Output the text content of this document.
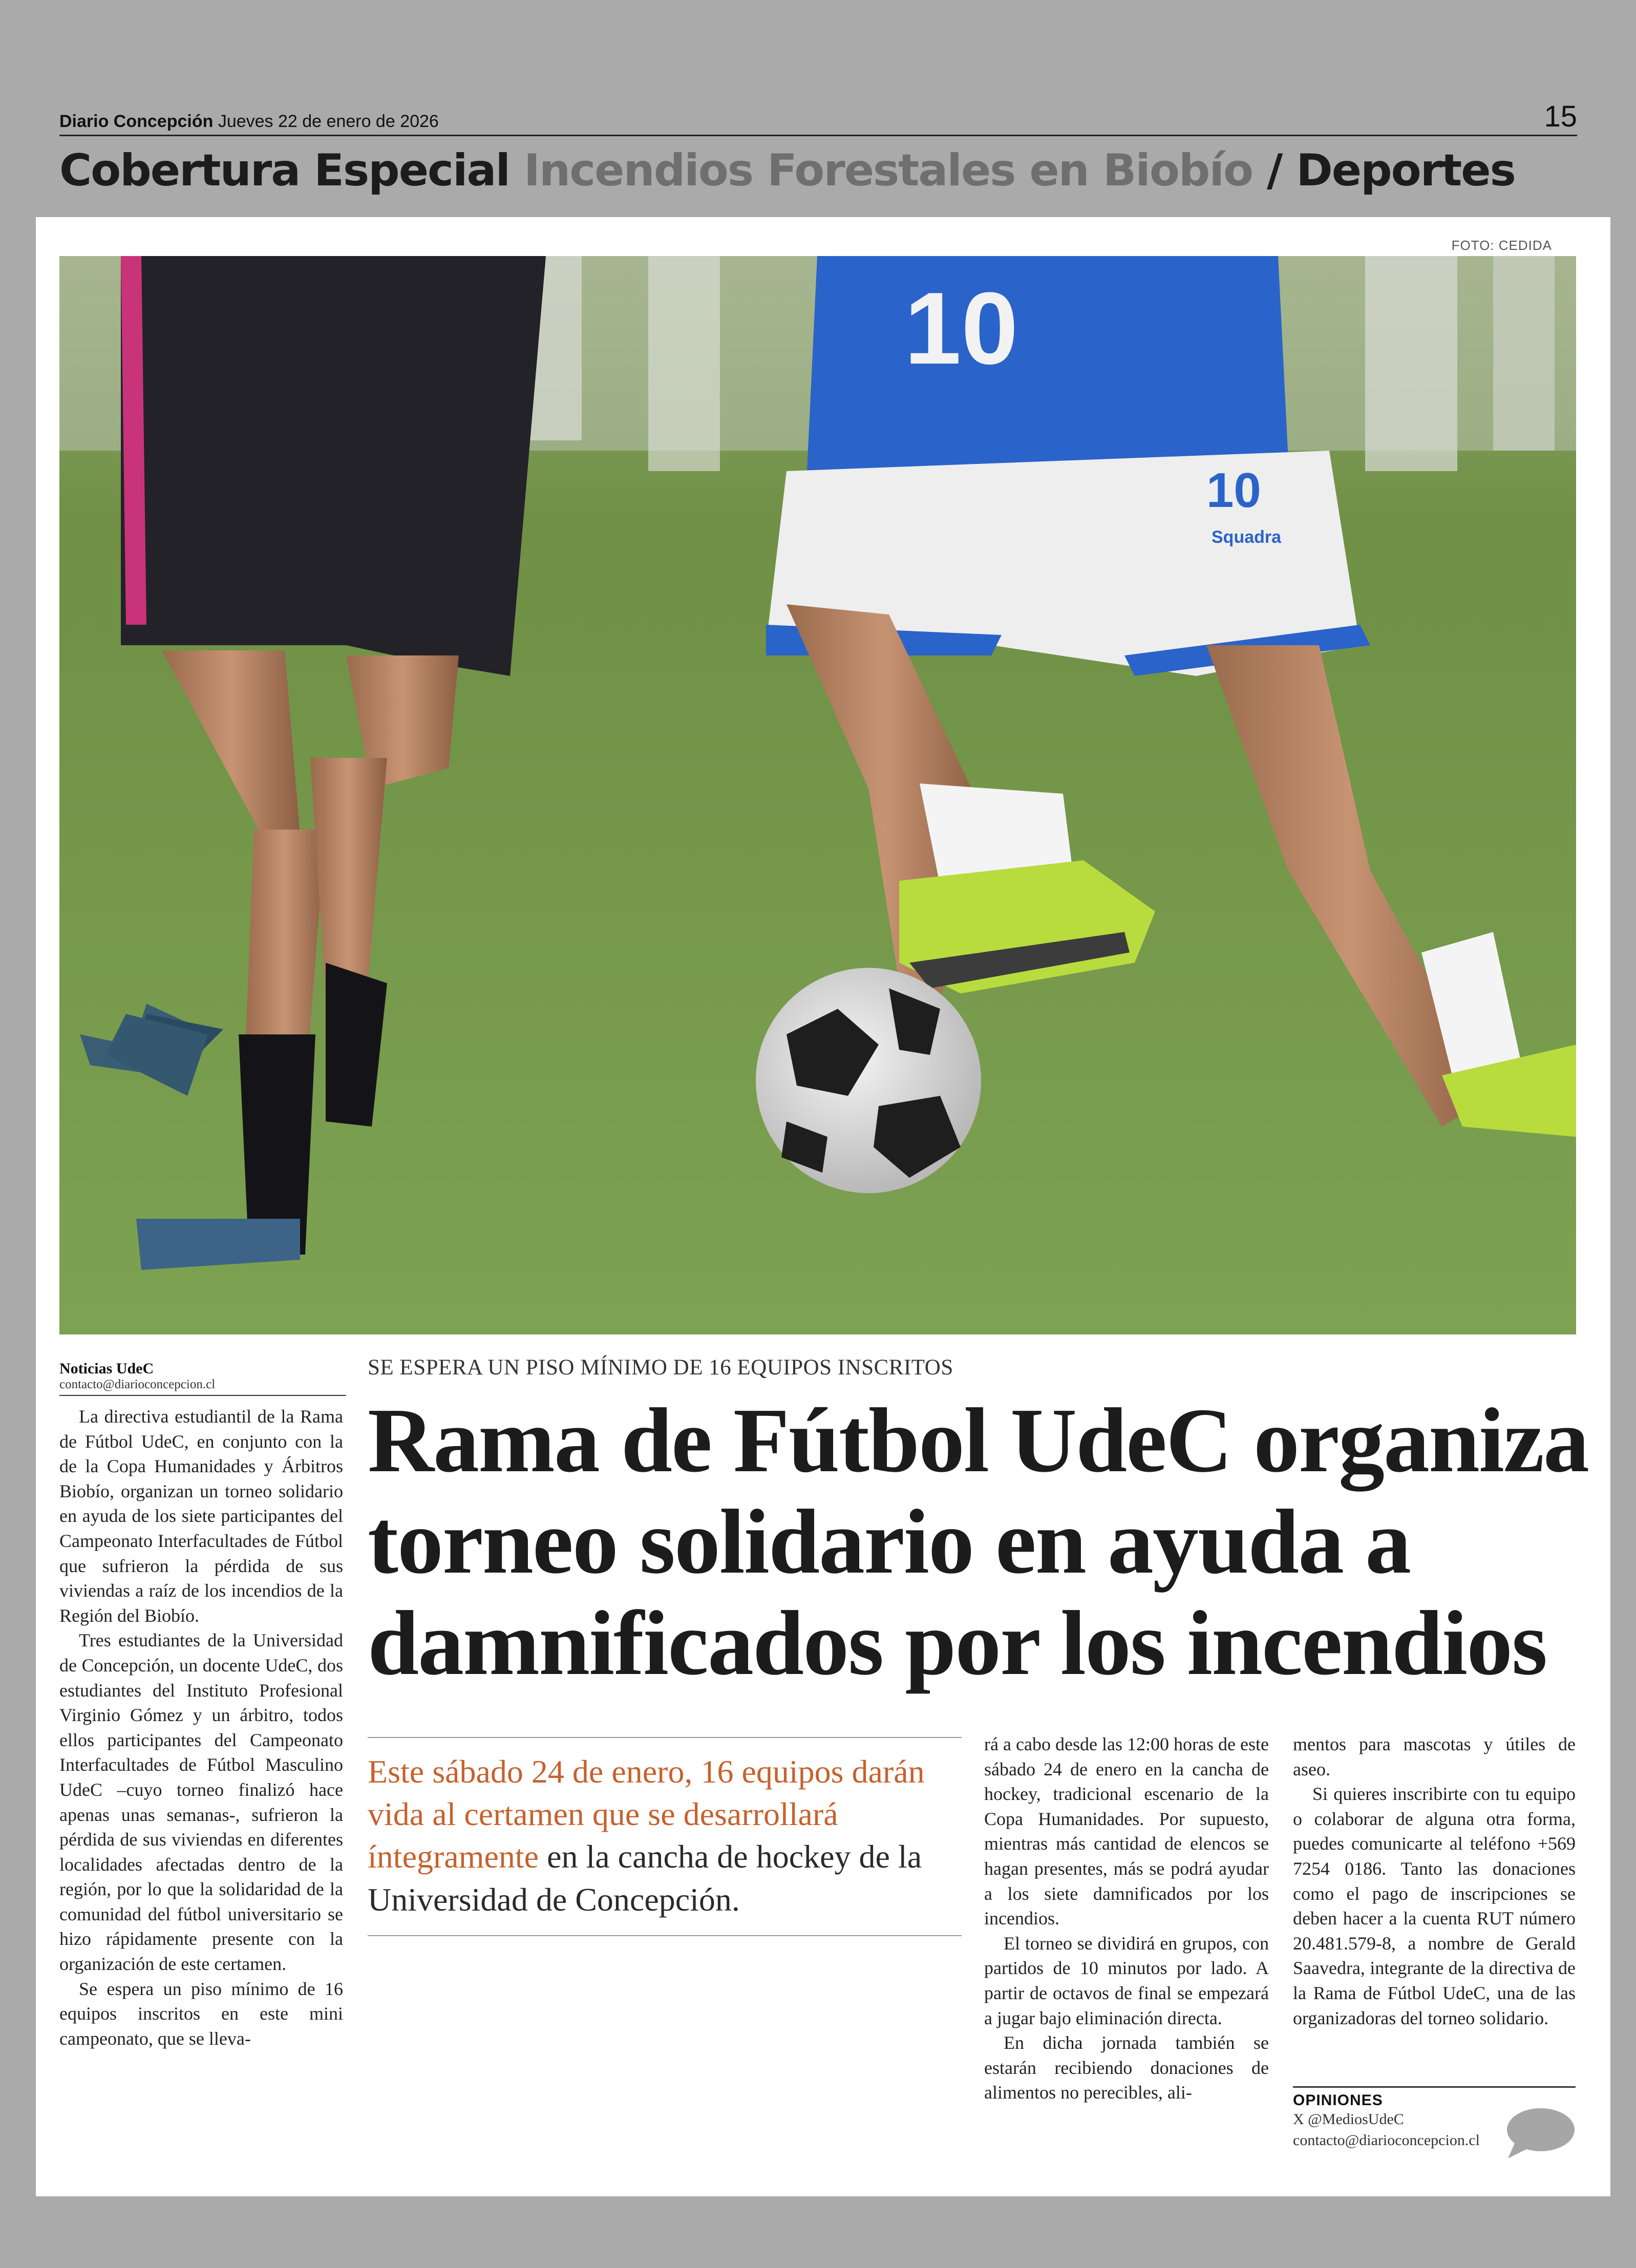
Diario Concepción Jueves 22 de enero de 2026	15
Cobertura Especial Incendios Forestales en Biobío / Deportes
FOTO: CEDIDA
10
10
Squadra
Noticias UdeC
contacto@diarioconcepcion.cl
SE ESPERA UN PISO MÍNIMO DE 16 EQUIPOS INSCRITOS
Rama de Fútbol UdeC organiza
torneo solidario en ayuda a
damnificados por los incendios

La directiva estudiantil de la Rama de Fútbol UdeC, en conjunto con la de la Copa Humanidades y Árbitros Biobío, organizan un torneo solidario en ayuda de los siete participantes del Campeonato Interfacultades de Fútbol que sufrieron la pérdida de sus viviendas a raíz de los incendios de la Región del Biobío.

Tres estudiantes de la Universidad de Concepción, un docente UdeC, dos estudiantes del Instituto Profesional Virginio Gómez y un árbitro, todos ellos participantes del Campeonato Interfacultades de Fútbol Masculino UdeC –cuyo torneo finalizó hace apenas unas semanas-, sufrieron la pérdida de sus viviendas en diferentes localidades afectadas dentro de la región, por lo que la solidaridad de la comunidad del fútbol universitario se hizo rápidamente presente con la organización de este certamen.

Se espera un piso mínimo de 16 equipos inscritos en este mini campeonato, que se lleva-

Este sábado 24 de enero, 16 equipos darán vida al certamen que se desarrollará íntegramente en la cancha de hockey de la Universidad de Concepción.

rá a cabo desde las 12:00 horas de este sábado 24 de enero en la cancha de hockey, tradicional escenario de la Copa Humanidades. Por supuesto, mientras más cantidad de elencos se hagan presentes, más se podrá ayudar a los siete damnificados por los incendios.

El torneo se dividirá en grupos, con partidos de 10 minutos por lado. A partir de octavos de final se empezará a jugar bajo eliminación directa.

En dicha jornada también se estarán recibiendo donaciones de alimentos no perecibles, ali-

mentos para mascotas y útiles de aseo.

Si quieres inscribirte con tu equipo o colaborar de alguna otra forma, puedes comunicarte al teléfono +569 7254 0186. Tanto las donaciones como el pago de inscripciones se deben hacer a la cuenta RUT número 20.481.579-8, a nombre de Gerald Saavedra, integrante de la directiva de la Rama de Fútbol UdeC, una de las organizadoras del torneo solidario.

OPINIONES
X @MediosUdeC
contacto@diarioconcepcion.cl
